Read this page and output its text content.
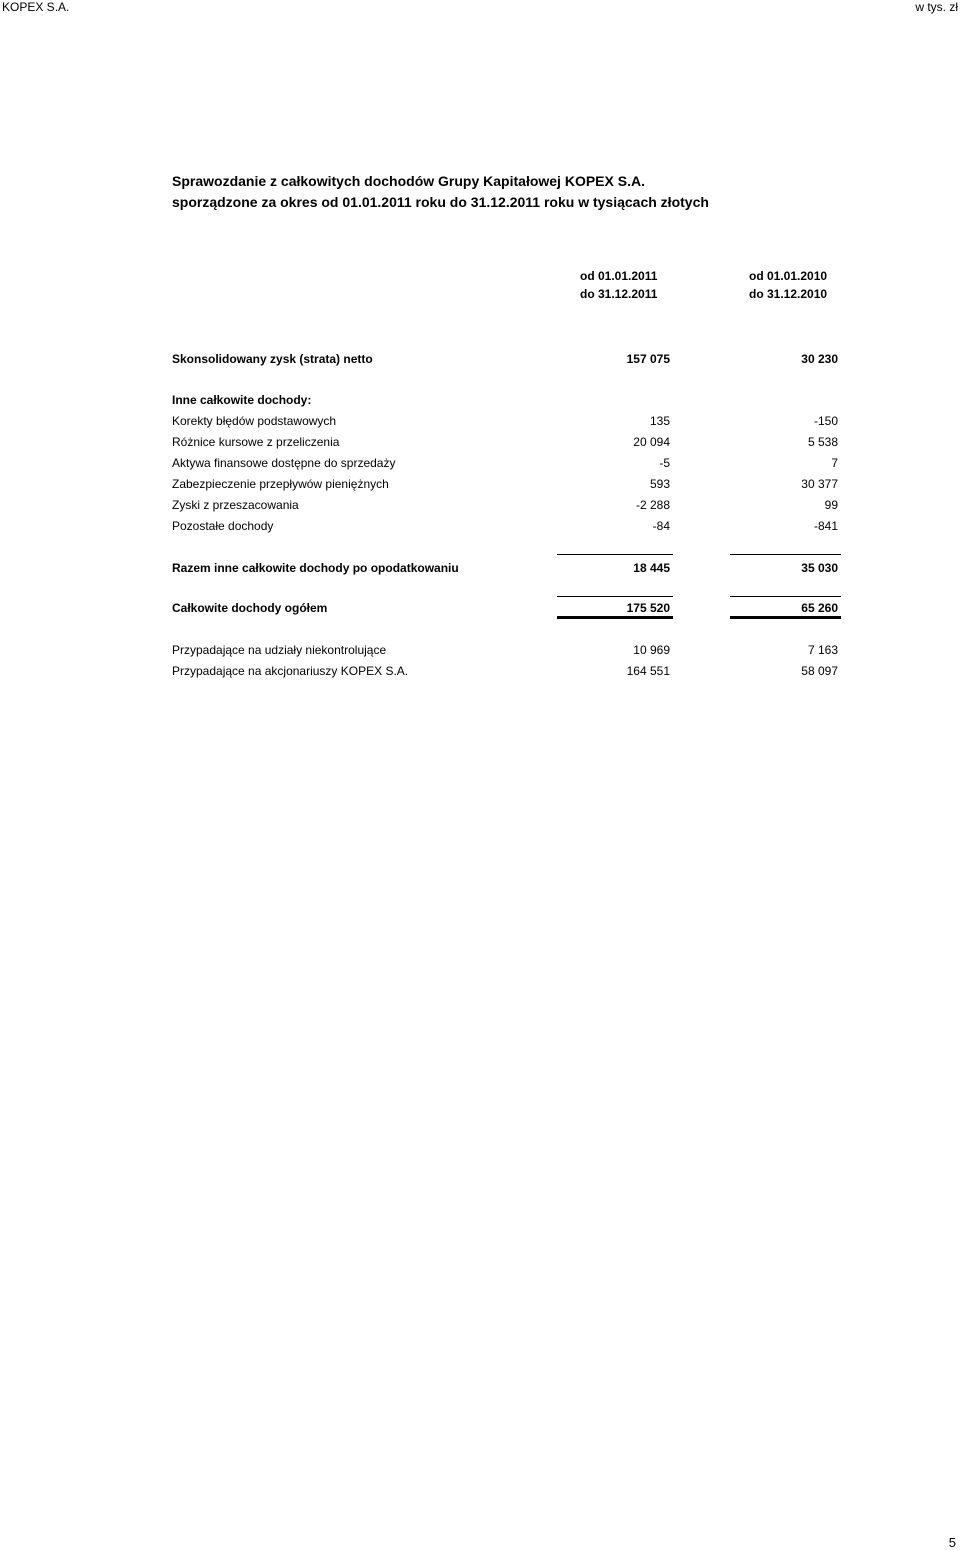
KOPEX S.A.	w tys. zł
Sprawozdanie z całkowitych dochodów Grupy Kapitałowej KOPEX S.A.
sporządzone za okres od 01.01.2011 roku do 31.12.2011 roku w tysiącach złotych
od 01.01.2011
do 31.12.2011
od 01.01.2010
do 31.12.2010
Skonsolidowany zysk (strata) netto	157 075	30 230
Inne całkowite dochody:
Korekty błędów podstawowych	135	-150
Różnice kursowe z przeliczenia	20 094	5 538
Aktywa finansowe dostępne do sprzedaży	-5	7
Zabezpieczenie przepływów pieniężnych	593	30 377
Zyski z przeszacowania	-2 288	99
Pozostałe dochody	-84	-841
Razem inne całkowite dochody po opodatkowaniu	18 445	35 030
Całkowite dochody ogółem	175 520	65 260
Przypadające na udziały niekontrolujące	10 969	7 163
Przypadające na akcjonariuszy KOPEX S.A.	164 551	58 097
5
